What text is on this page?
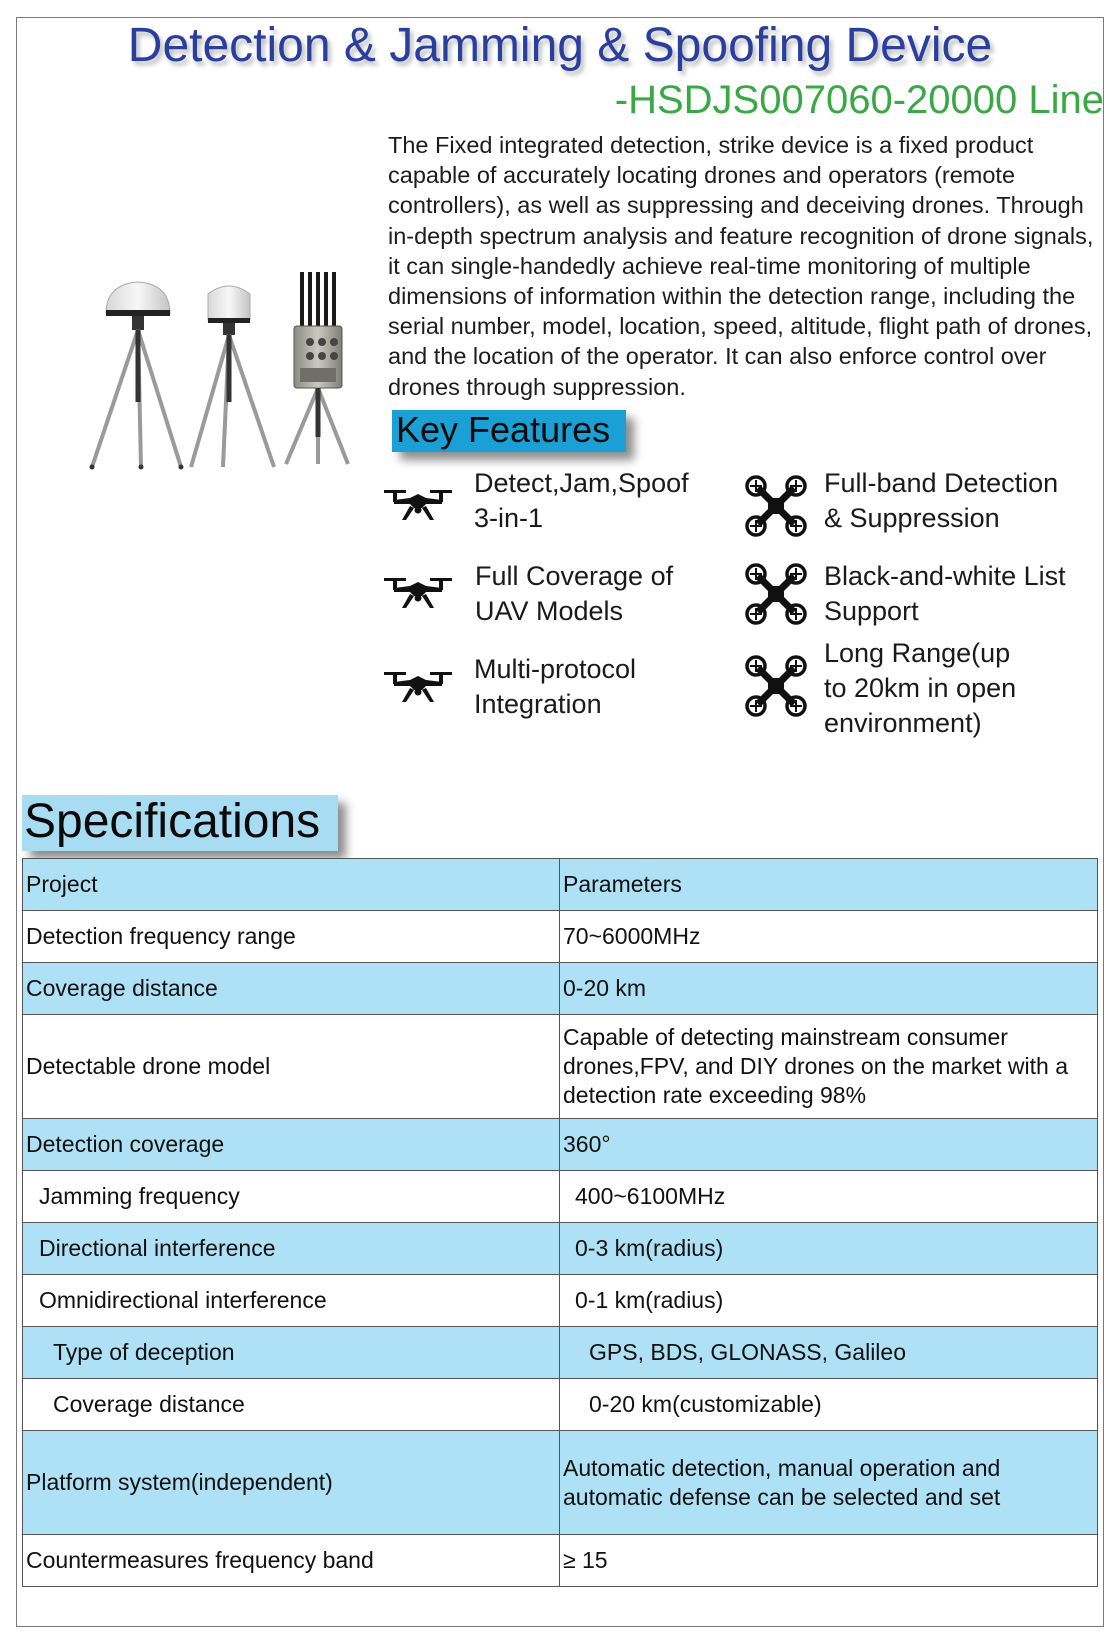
Detection & Jamming & Spoofing Device
-HSDJS007060-20000 Line
The Fixed integrated detection, strike device is a fixed product capable of accurately locating drones and operators (remote controllers), as well as suppressing and deceiving drones. Through in-depth spectrum analysis and feature recognition of drone signals, it can single-handedly achieve real-time monitoring of multiple dimensions of information within the detection range, including the serial number, model, location, speed, altitude, flight path of drones, and the location of the operator. It can also enforce control over drones through suppression.
Key Features
Detect,Jam,Spoof
3-in-1
Full-band Detection
& Suppression
Full Coverage of
UAV Models
Black-and-white List
Support
Multi-protocol
Integration
Long Range(up
to 20km in open
environment)
Specifications
Project	Parameters
Detection frequency range	70~6000MHz
Coverage distance	0-20 km
Detectable drone model	Capable of detecting mainstream consumer drones,FPV, and DIY drones on the market with a detection rate exceeding 98%
Detection coverage	360°
Jamming frequency	400~6100MHz
Directional interference	0-3 km(radius)
Omnidirectional interference	0-1 km(radius)
Type of deception	GPS, BDS, GLONASS, Galileo
Coverage distance	0-20 km(customizable)
Platform system(independent)	Automatic detection, manual operation and automatic defense can be selected and set
Countermeasures frequency band	≥ 15
